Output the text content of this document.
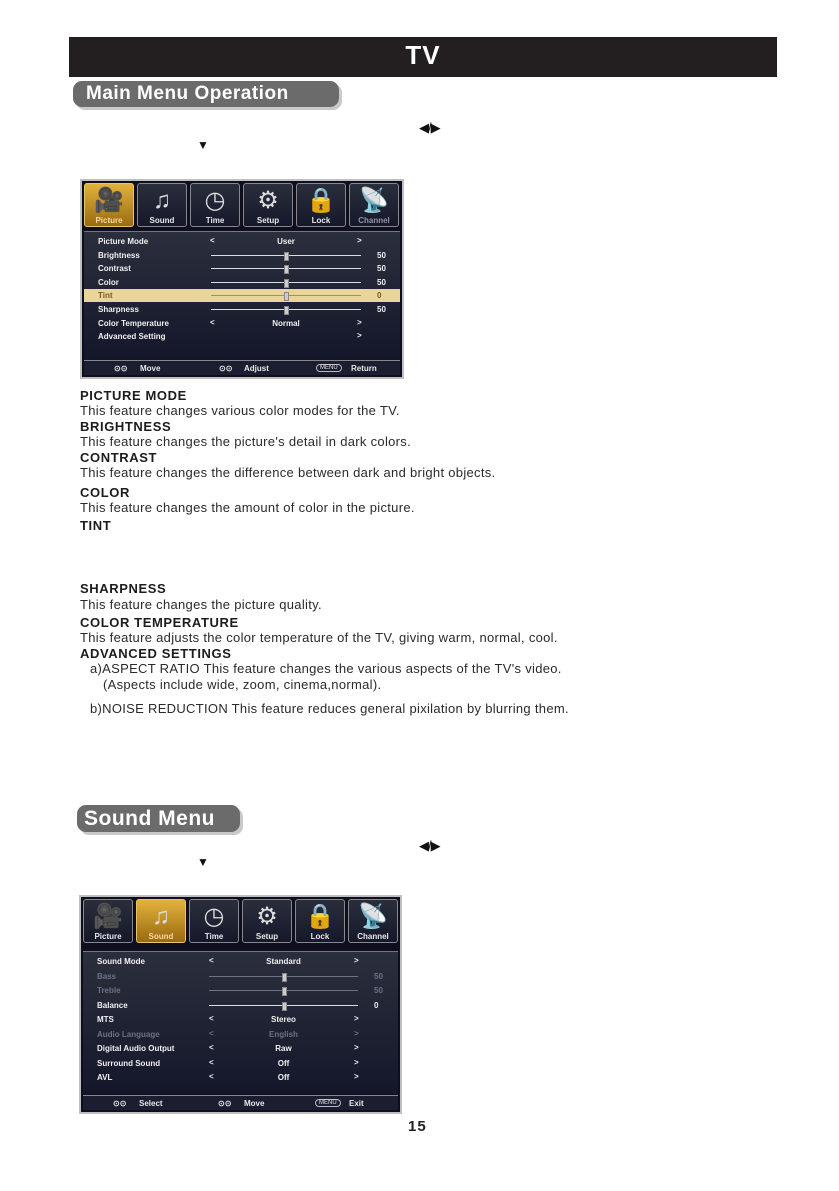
TV
Main Menu Operation
◀/▶
▼
🎥
Picture
♫
Sound
◷
Time
⚙
Setup
🔒
Lock
📡
Channel
Picture Mode	<	User	>
Brightness	50
Contrast	50
Color	50
Tint	0
Sharpness	50
Color Temperature	<	Normal	>
Advanced Setting	>
⊙⊙ Move	⊙⊙ Adjust	MENU	Return
PICTURE MODE
This feature changes various color modes for the TV.
BRIGHTNESS
This feature changes the picture's detail in dark colors.
CONTRAST
This feature changes the difference between dark and bright objects.
COLOR
This feature changes the amount of color in the picture.
TINT
SHARPNESS
This feature changes the picture quality.
COLOR TEMPERATURE
This feature adjusts the color temperature of the TV, giving warm, normal, cool.
ADVANCED SETTINGS
a)ASPECT RATIO This feature changes the various aspects of the TV's video.
(Aspects include wide, zoom, cinema,normal).
b)NOISE REDUCTION This feature reduces general pixilation by blurring them.
Sound Menu
◀/▶
▼
🎥
Picture
♫
Sound
◷
Time
⚙
Setup
🔒
Lock
📡
Channel
Sound Mode	<	Standard	>
Bass	50
Treble	50
Balance	0
MTS	<	Stereo	>
Audio Language	<	English	>
Digital Audio Output	<	Raw	>
Surround Sound	<	Off	>
AVL	<	Off	>
⊙⊙ Select	⊙⊙ Move	MENU	Exit
15
